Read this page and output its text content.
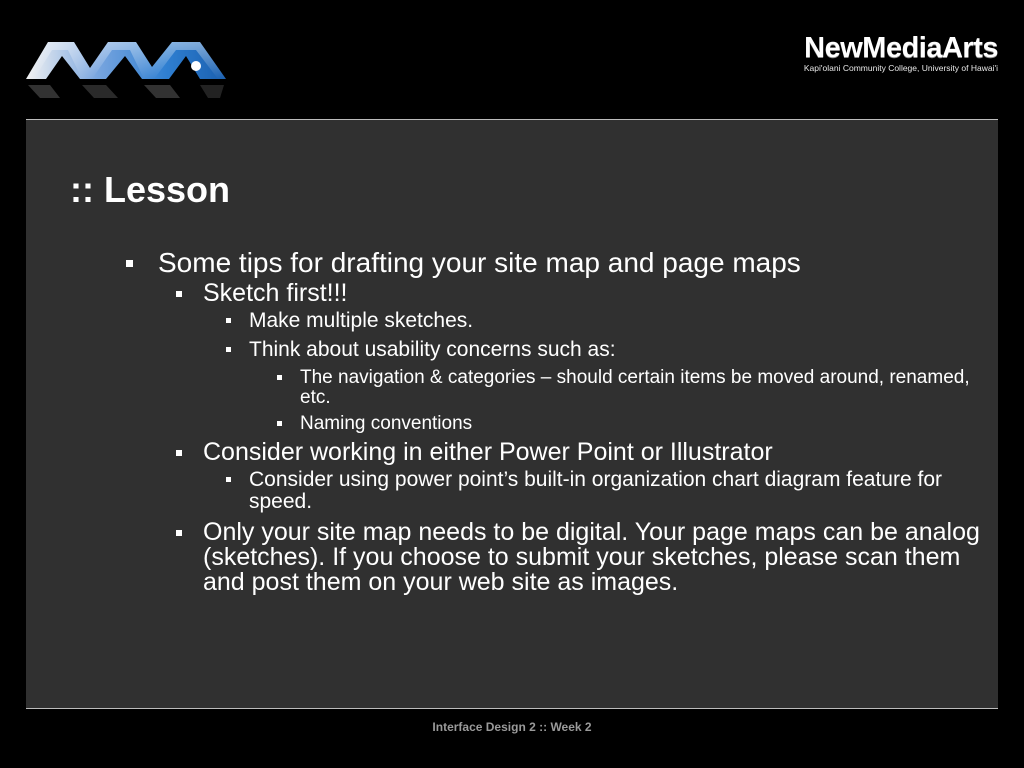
NewMediaArts
Kapi'olani Community College, University of Hawai'i
:: Lesson
Some tips for drafting your site map and page maps
Sketch first!!!
Make multiple sketches.
Think about usability concerns such as:
The navigation & categories – should certain items be moved around, renamed, etc.
Naming conventions
Consider working in either Power Point or Illustrator
Consider using power point’s built-in organization chart diagram feature for speed.
Only your site map needs to be digital. Your page maps can be analog (sketches). If you choose to submit your sketches, please scan them and post them on your web site as images.
Interface Design 2 :: Week 2
